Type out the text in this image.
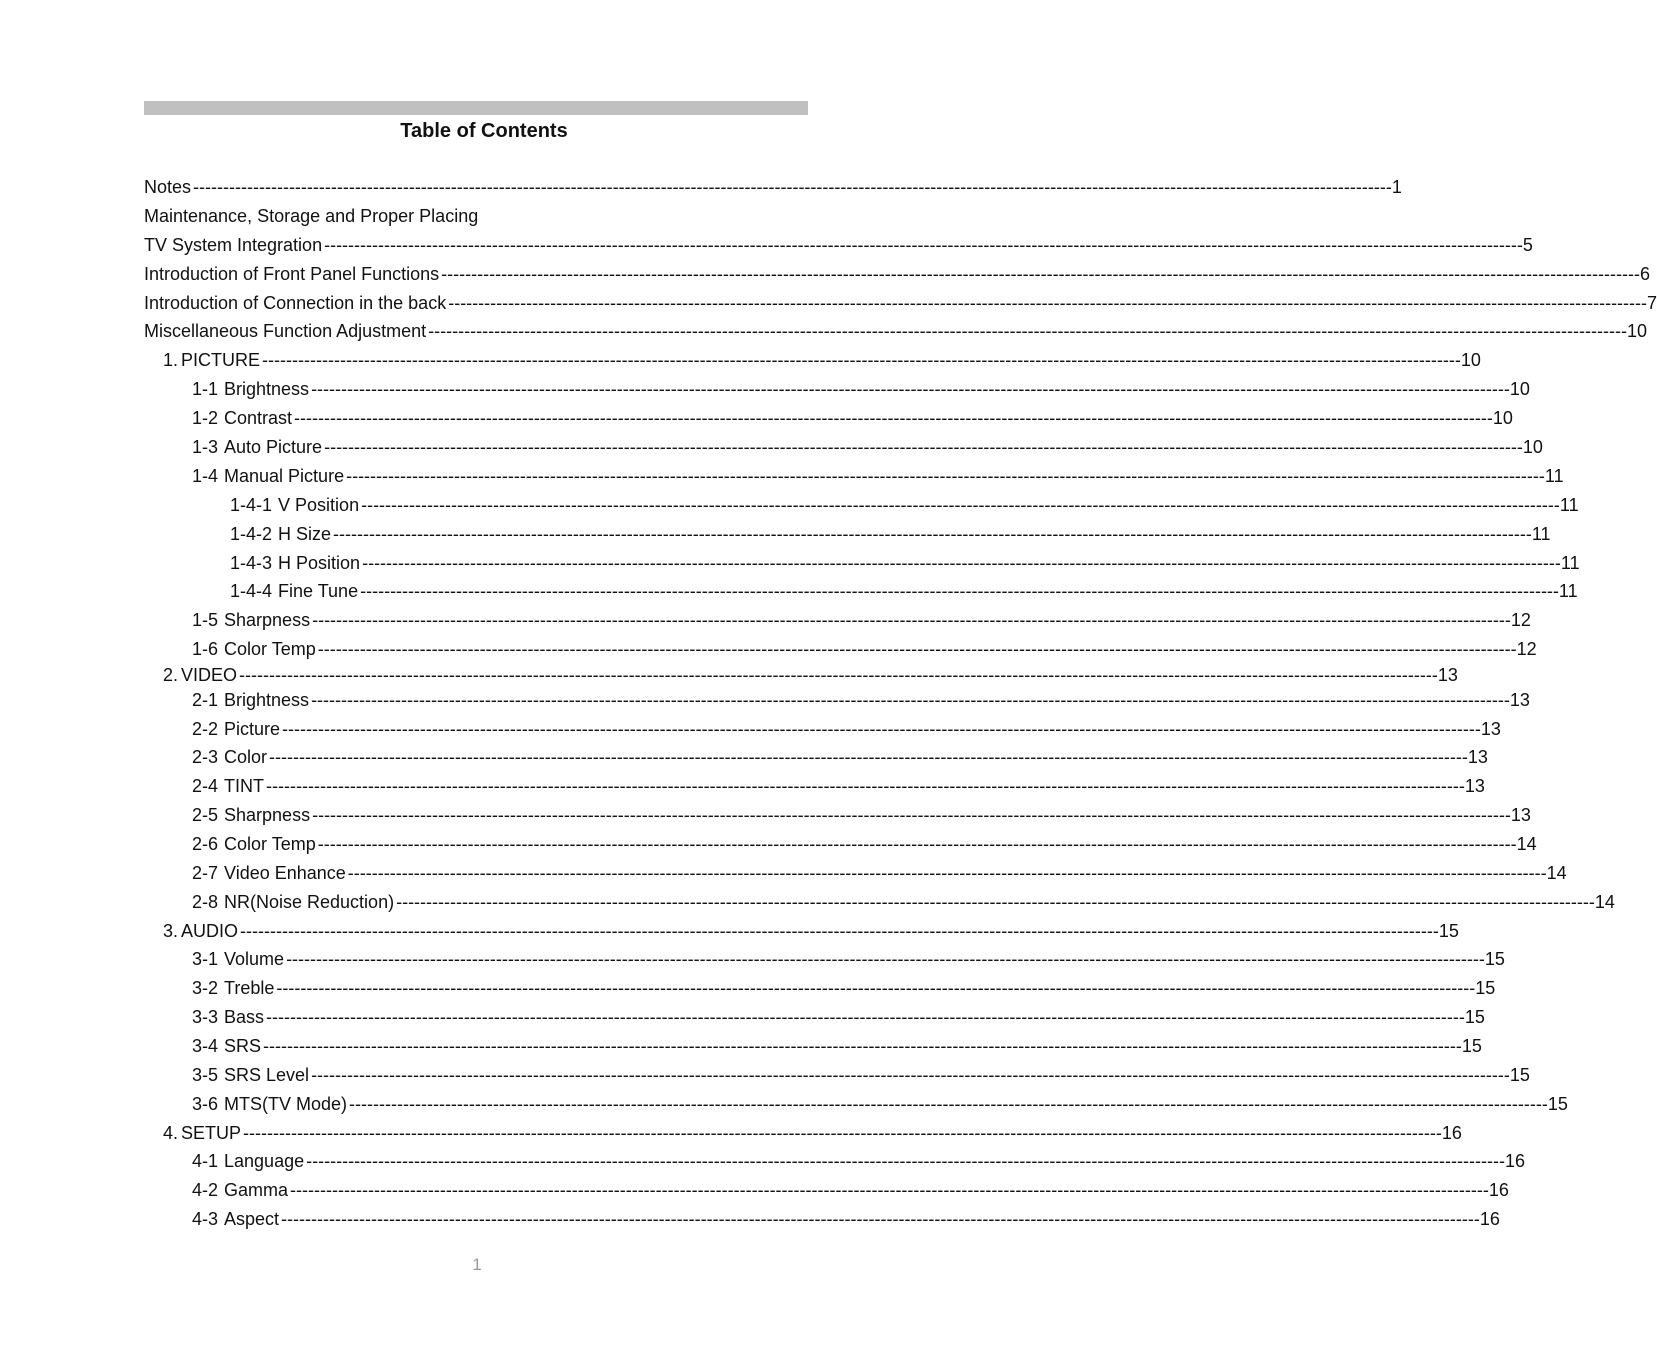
Table of Contents
Notes -------------------------------------------------------------------------------------------------------------------------------------------------------------------------------------------------------- 1
Maintenance, Storage and Proper Placing
TV System Integration -------------------------------------------------------------------------------------------------------------------------------------------------------------------------------------------------------- 5
Introduction of Front Panel Functions -------------------------------------------------------------------------------------------------------------------------------------------------------------------------------------------------------- 6
Introduction of Connection in the back -------------------------------------------------------------------------------------------------------------------------------------------------------------------------------------------------------- 7
Miscellaneous Function Adjustment -------------------------------------------------------------------------------------------------------------------------------------------------------------------------------------------------------- 10
1. PICTURE -------------------------------------------------------------------------------------------------------------------------------------------------------------------------------------------------------- 10
1-1 Brightness -------------------------------------------------------------------------------------------------------------------------------------------------------------------------------------------------------- 10
1-2 Contrast -------------------------------------------------------------------------------------------------------------------------------------------------------------------------------------------------------- 10
1-3 Auto Picture -------------------------------------------------------------------------------------------------------------------------------------------------------------------------------------------------------- 10
1-4 Manual Picture -------------------------------------------------------------------------------------------------------------------------------------------------------------------------------------------------------- 11
1-4-1 V Position -------------------------------------------------------------------------------------------------------------------------------------------------------------------------------------------------------- 11
1-4-2 H Size -------------------------------------------------------------------------------------------------------------------------------------------------------------------------------------------------------- 11
1-4-3 H Position -------------------------------------------------------------------------------------------------------------------------------------------------------------------------------------------------------- 11
1-4-4 Fine Tune -------------------------------------------------------------------------------------------------------------------------------------------------------------------------------------------------------- 11
1-5 Sharpness -------------------------------------------------------------------------------------------------------------------------------------------------------------------------------------------------------- 12
1-6 Color Temp -------------------------------------------------------------------------------------------------------------------------------------------------------------------------------------------------------- 12
2. VIDEO -------------------------------------------------------------------------------------------------------------------------------------------------------------------------------------------------------- 13
2-1 Brightness -------------------------------------------------------------------------------------------------------------------------------------------------------------------------------------------------------- 13
2-2 Picture -------------------------------------------------------------------------------------------------------------------------------------------------------------------------------------------------------- 13
2-3 Color -------------------------------------------------------------------------------------------------------------------------------------------------------------------------------------------------------- 13
2-4 TINT -------------------------------------------------------------------------------------------------------------------------------------------------------------------------------------------------------- 13
2-5 Sharpness -------------------------------------------------------------------------------------------------------------------------------------------------------------------------------------------------------- 13
2-6 Color Temp -------------------------------------------------------------------------------------------------------------------------------------------------------------------------------------------------------- 14
2-7 Video Enhance -------------------------------------------------------------------------------------------------------------------------------------------------------------------------------------------------------- 14
2-8 NR(Noise Reduction) -------------------------------------------------------------------------------------------------------------------------------------------------------------------------------------------------------- 14
3. AUDIO -------------------------------------------------------------------------------------------------------------------------------------------------------------------------------------------------------- 15
3-1 Volume -------------------------------------------------------------------------------------------------------------------------------------------------------------------------------------------------------- 15
3-2 Treble -------------------------------------------------------------------------------------------------------------------------------------------------------------------------------------------------------- 15
3-3 Bass -------------------------------------------------------------------------------------------------------------------------------------------------------------------------------------------------------- 15
3-4 SRS -------------------------------------------------------------------------------------------------------------------------------------------------------------------------------------------------------- 15
3-5 SRS Level -------------------------------------------------------------------------------------------------------------------------------------------------------------------------------------------------------- 15
3-6 MTS(TV Mode) -------------------------------------------------------------------------------------------------------------------------------------------------------------------------------------------------------- 15
4. SETUP -------------------------------------------------------------------------------------------------------------------------------------------------------------------------------------------------------- 16
4-1 Language -------------------------------------------------------------------------------------------------------------------------------------------------------------------------------------------------------- 16
4-2 Gamma -------------------------------------------------------------------------------------------------------------------------------------------------------------------------------------------------------- 16
4-3 Aspect -------------------------------------------------------------------------------------------------------------------------------------------------------------------------------------------------------- 16
1
